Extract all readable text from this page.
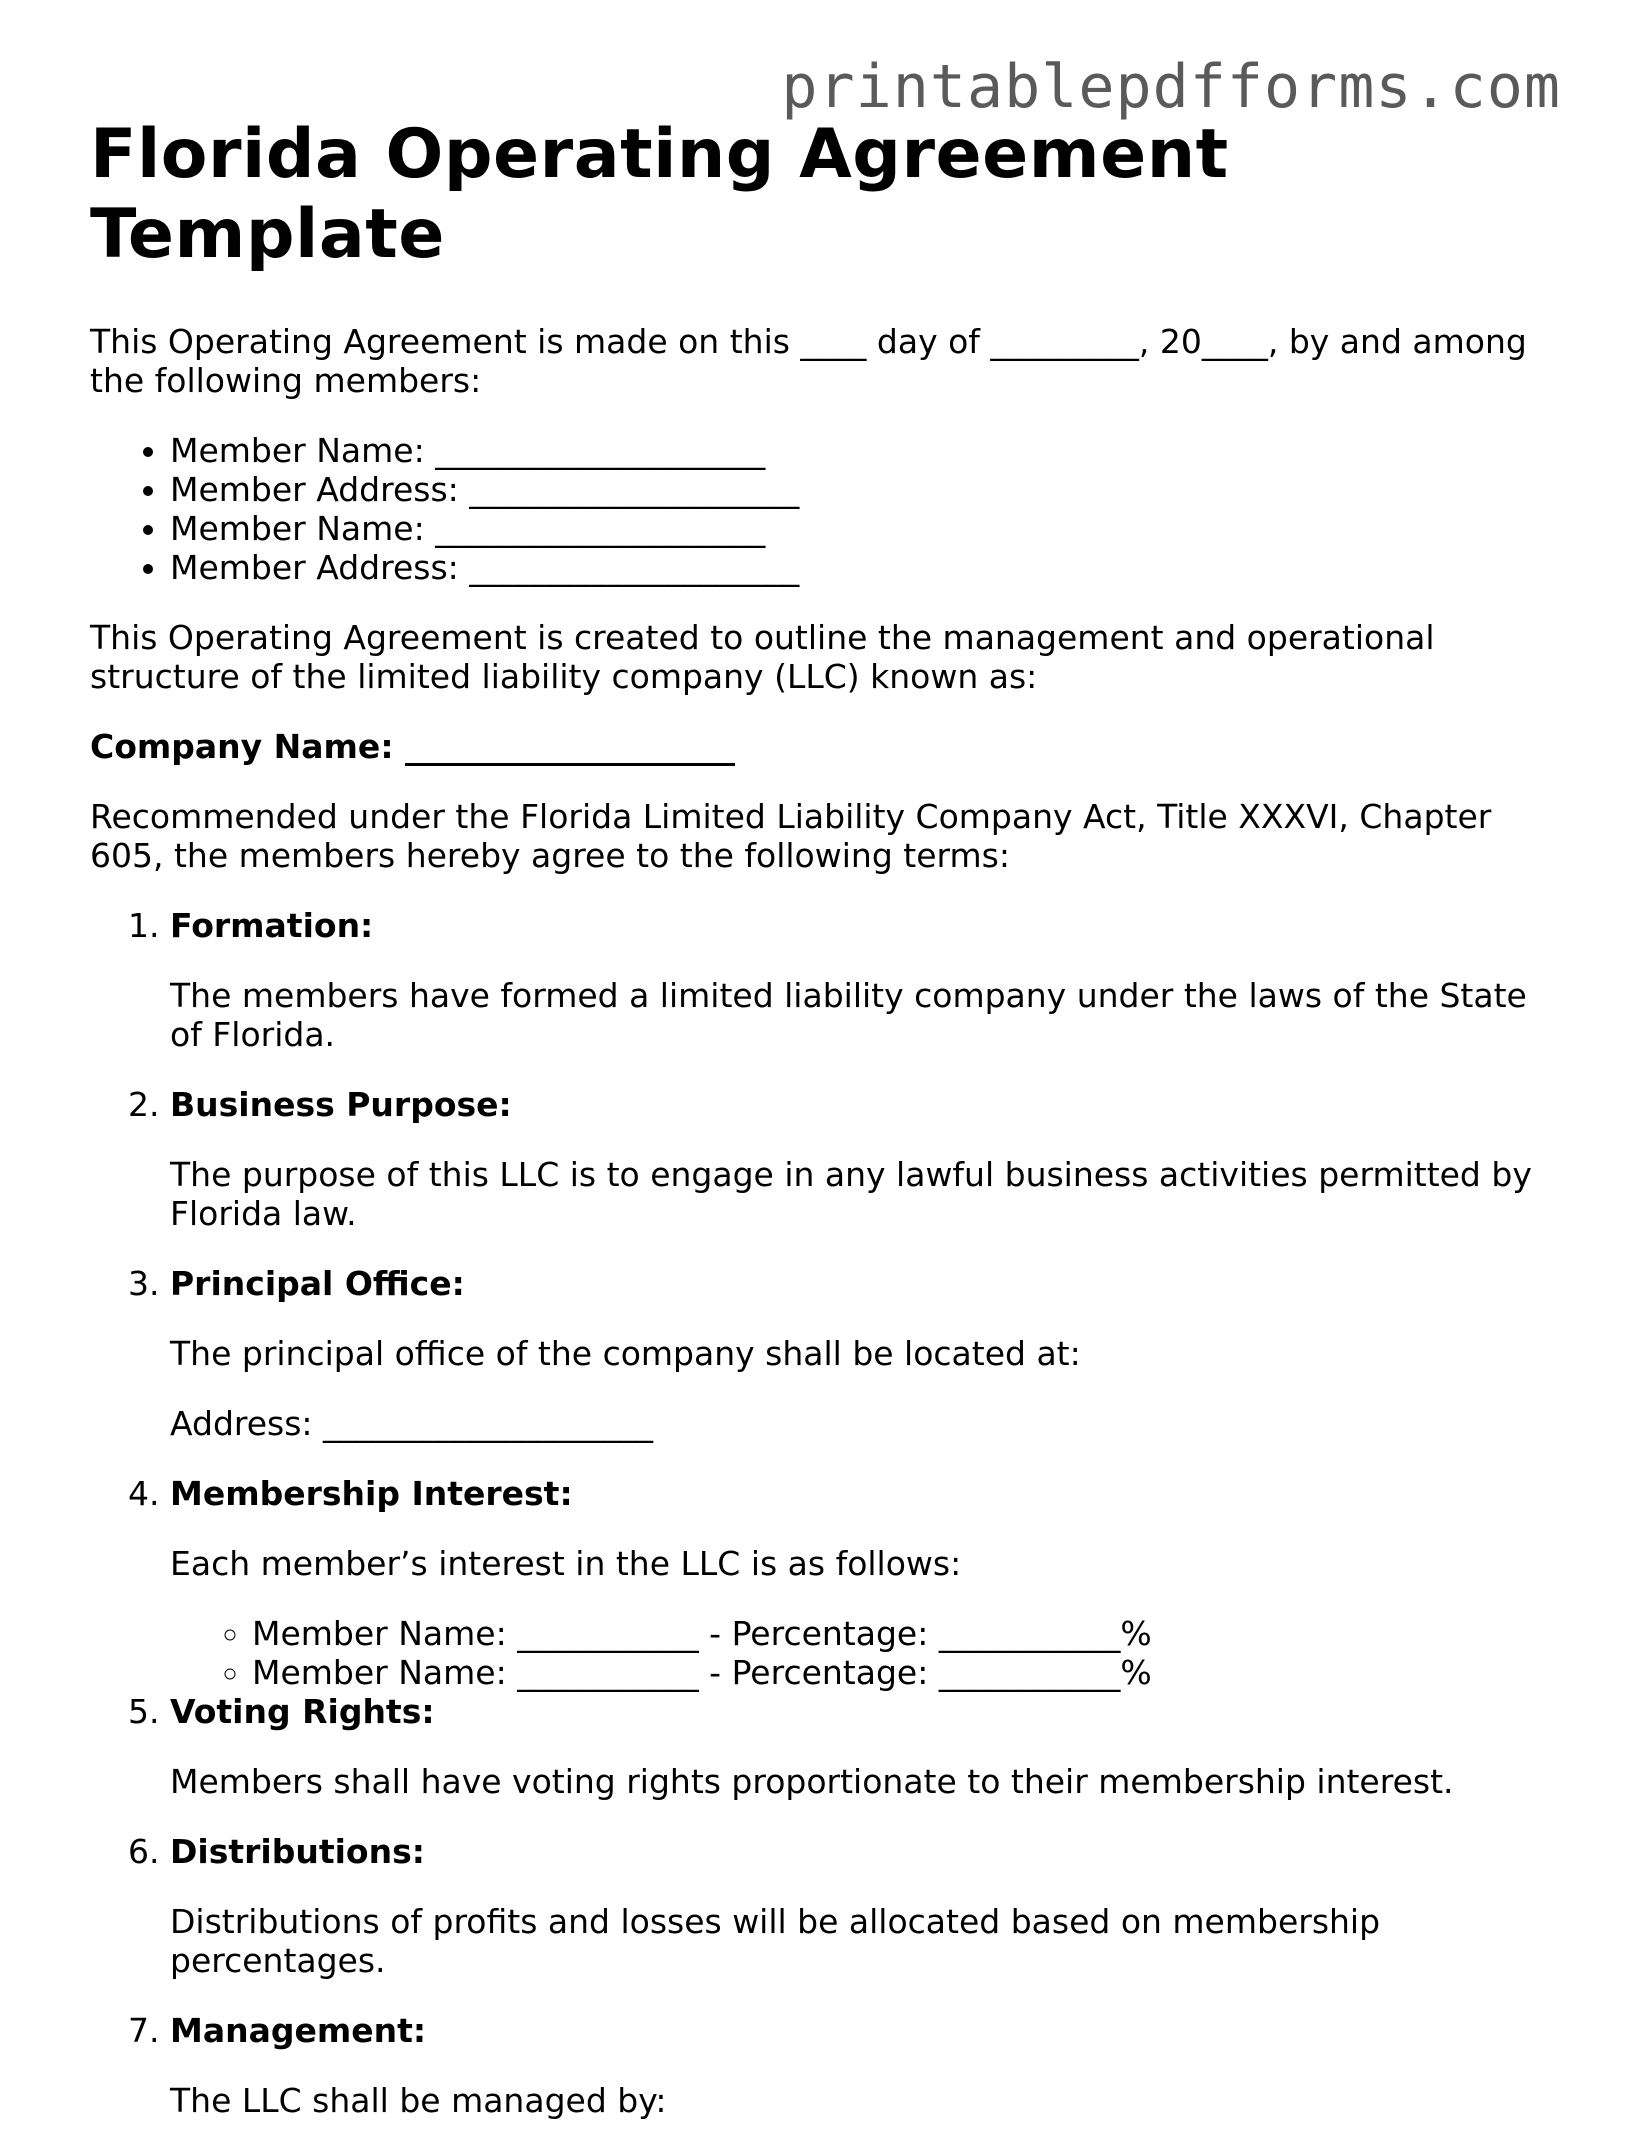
printablepdfforms.com
Florida Operating Agreement Template

This Operating Agreement is made on this ____ day of _________, 20____, by and among the following members:

• Member Name: ____________________
• Member Address: ____________________
• Member Name: ____________________
• Member Address: ____________________

This Operating Agreement is created to outline the management and operational structure of the limited liability company (LLC) known as:

Company Name: ____________________

Recommended under the Florida Limited Liability Company Act, Title XXXVI, Chapter 605, the members hereby agree to the following terms:

1. Formation:
The members have formed a limited liability company under the laws of the State of Florida.
2. Business Purpose:
The purpose of this LLC is to engage in any lawful business activities permitted by Florida law.
3. Principal Office:

The principal office of the company shall be located at:

Address: ____________________
4. Membership Interest:

Each member’s interest in the LLC is as follows:

◦ Member Name: ___________ - Percentage: ___________%
◦ Member Name: ___________ - Percentage: ___________%
5. Voting Rights:
Members shall have voting rights proportionate to their membership interest.
6. Distributions:
Distributions of profits and losses will be allocated based on membership percentages.
7. Management:
The LLC shall be managed by:
